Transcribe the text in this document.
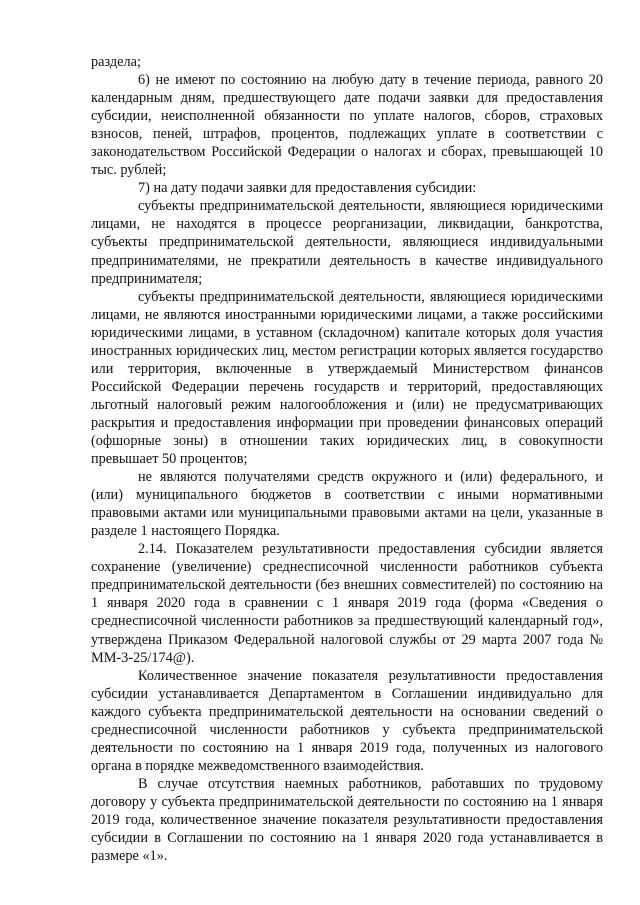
раздела;

6) не имеют по состоянию на любую дату в течение периода, равного 20 календарным дням, предшествующего дате подачи заявки для предоставления субсидии, неисполненной обязанности по уплате налогов, сборов, страховых взносов, пеней, штрафов, процентов, подлежащих уплате в соответствии с законодательством Российской Федерации о налогах и сборах, превышающей 10 тыс. рублей;

7) на дату подачи заявки для предоставления субсидии:

субъекты предпринимательской деятельности, являющиеся юридическими лицами, не находятся в процессе реорганизации, ликвидации, банкротства, субъекты предпринимательской деятельности, являющиеся индивидуальными предпринимателями, не прекратили деятельность в качестве индивидуального предпринимателя;

субъекты предпринимательской деятельности, являющиеся юридическими лицами, не являются иностранными юридическими лицами, а также российскими юридическими лицами, в уставном (складочном) капитале которых доля участия иностранных юридических лиц, местом регистрации которых является государство или территория, включенные в утверждаемый Министерством финансов Российской Федерации перечень государств и территорий, предоставляющих льготный налоговый режим налогообложения и (или) не предусматривающих раскрытия и предоставления информации при проведении финансовых операций (офшорные зоны) в отношении таких юридических лиц, в совокупности превышает 50 процентов;

не являются получателями средств окружного и (или) федерального, и (или) муниципального бюджетов в соответствии с иными нормативными правовыми актами или муниципальными правовыми актами на цели, указанные в разделе 1 настоящего Порядка.

2.14. Показателем результативности предоставления субсидии является сохранение (увеличение) среднесписочной численности работников субъекта предпринимательской деятельности (без внешних совместителей) по состоянию на 1 января 2020 года в сравнении с 1 января 2019 года (форма «Сведения о среднесписочной численности работников за предшествующий календарный год», утверждена Приказом Федеральной налоговой службы от 29 марта 2007 года № ММ-3-25/174@).

Количественное значение показателя результативности предоставления субсидии устанавливается Департаментом в Соглашении индивидуально для каждого субъекта предпринимательской деятельности на основании сведений о среднесписочной численности работников у субъекта предпринимательской деятельности по состоянию на 1 января 2019 года, полученных из налогового органа в порядке межведомственного взаимодействия.

В случае отсутствия наемных работников, работавших по трудовому договору у субъекта предпринимательской деятельности по состоянию на 1 января 2019 года, количественное значение показателя результативности предоставления субсидии в Соглашении по состоянию на 1 января 2020 года устанавливается в размере «1».
